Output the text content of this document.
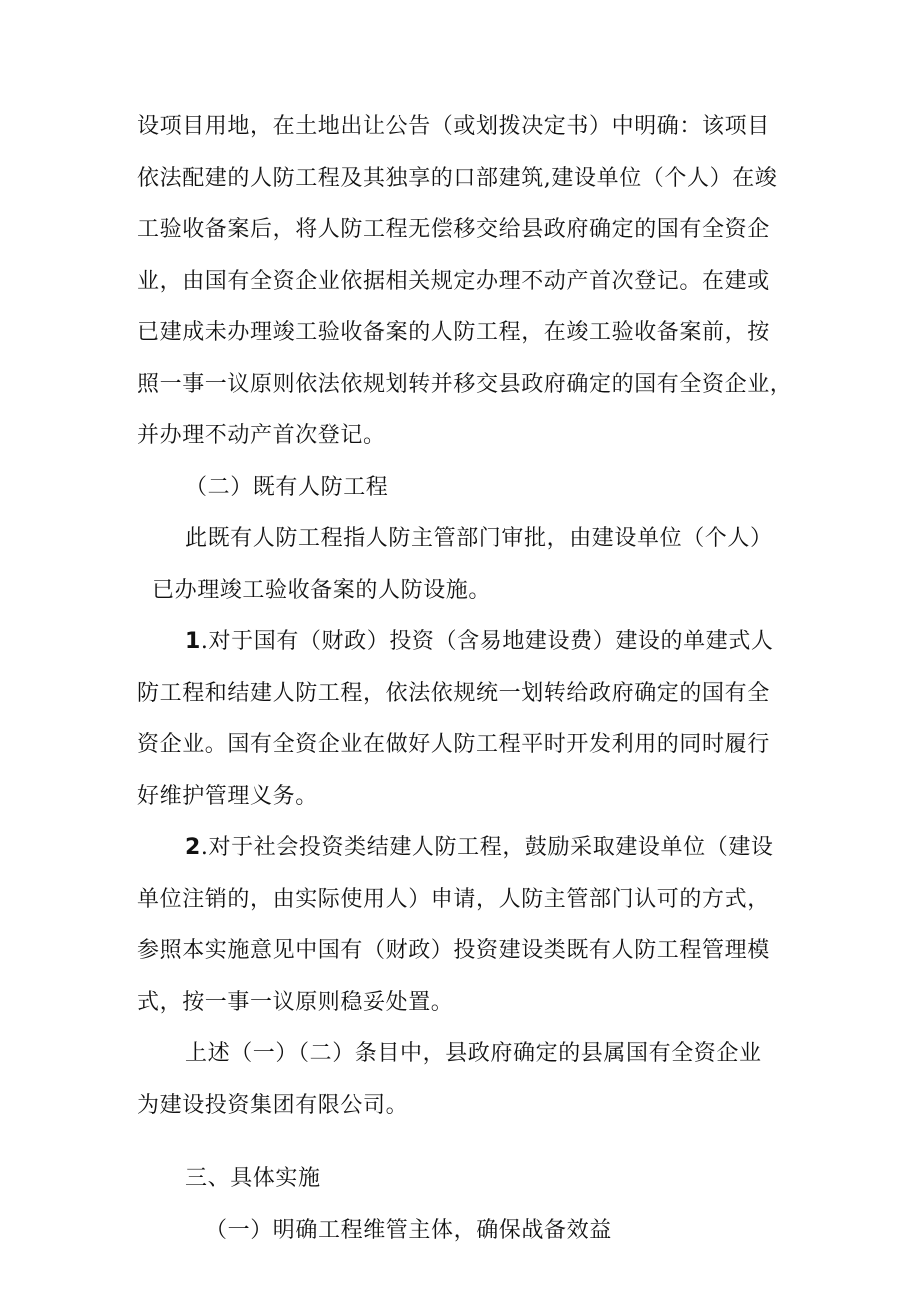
设项目用地，在土地出让公告（或划拨决定书）中明确：该项目
依法配建的人防工程及其独享的口部建筑,建设单位（个人）在竣
工验收备案后，将人防工程无偿移交给县政府确定的国有全资企
业，由国有全资企业依据相关规定办理不动产首次登记。在建或
已建成未办理竣工验收备案的人防工程，在竣工验收备案前，按
照一事一议原则依法依规划转并移交县政府确定的国有全资企业，
并办理不动产首次登记。
（二）既有人防工程
此既有人防工程指人防主管部门审批，由建设单位（个人）
已办理竣工验收备案的人防设施。
1.对于国有（财政）投资（含易地建设费）建设的单建式人
防工程和结建人防工程，依法依规统一划转给政府确定的国有全
资企业。国有全资企业在做好人防工程平时开发利用的同时履行
好维护管理义务。
2.对于社会投资类结建人防工程，鼓励采取建设单位（建设
单位注销的，由实际使用人）申请，人防主管部门认可的方式，
参照本实施意见中国有（财政）投资建设类既有人防工程管理模
式，按一事一议原则稳妥处置。
上述（一）（二）条目中，县政府确定的县属国有全资企业
为建设投资集团有限公司。
三、具体实施
（一）明确工程维管主体，确保战备效益
